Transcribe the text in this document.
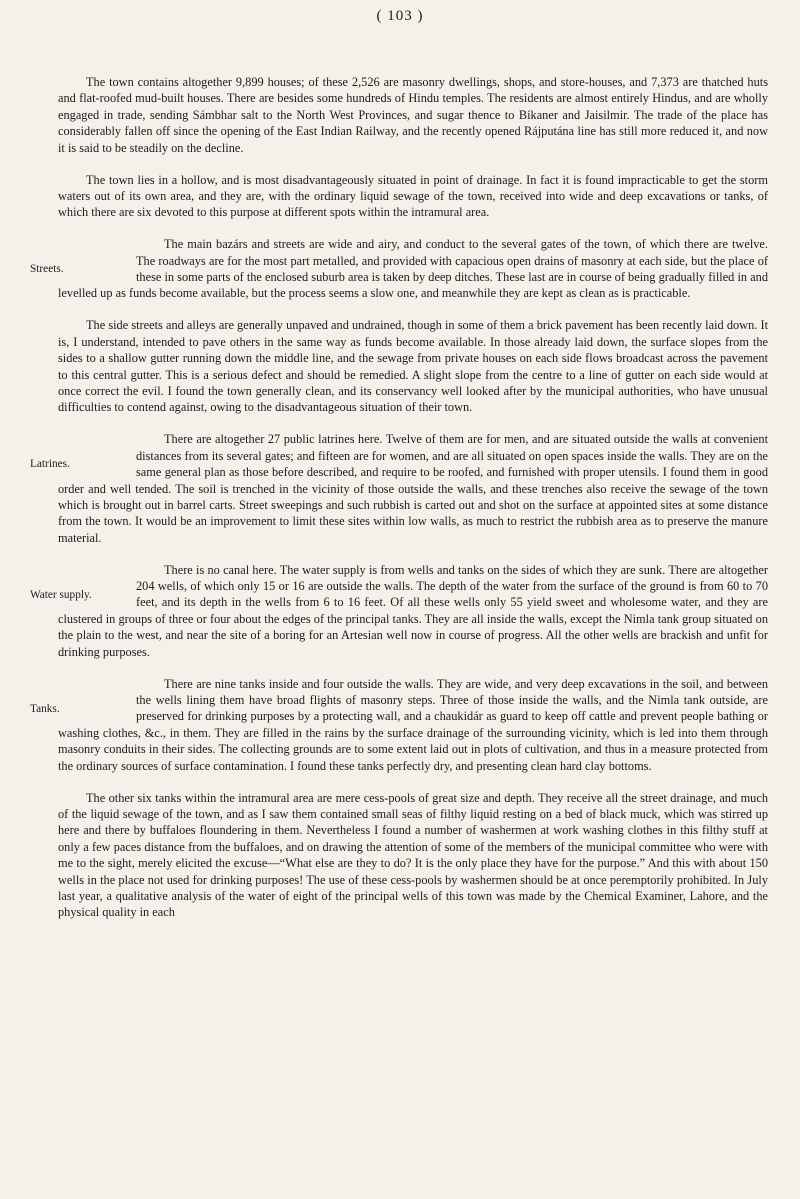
( 103 )

The town contains altogether 9,899 houses; of these 2,526 are masonry dwellings, shops, and store-houses, and 7,373 are thatched huts and flat-roofed mud-built houses. There are besides some hundreds of Hindu temples. The residents are almost entirely Hindus, and are wholly engaged in trade, sending Sámbhar salt to the North West Provinces, and sugar thence to Bíkaner and Jaisilmir. The trade of the place has considerably fallen off since the opening of the East Indian Railway, and the recently opened Rájputána line has still more reduced it, and now it is said to be steadily on the decline.

The town lies in a hollow, and is most disadvantageously situated in point of drainage. In fact it is found impracticable to get the storm waters out of its own area, and they are, with the ordinary liquid sewage of the town, received into wide and deep excavations or tanks, of which there are six devoted to this purpose at different spots within the intramural area.

Streets.
The main bazárs and streets are wide and airy, and conduct to the several gates of the town, of which there are twelve. The roadways are for the most part metalled, and provided with capacious open drains of masonry at each side, but the place of these in some parts of the enclosed suburb area is taken by deep ditches. These last are in course of being gradually filled in and levelled up as funds become available, but the process seems a slow one, and meanwhile they are kept as clean as is practicable.

The side streets and alleys are generally unpaved and undrained, though in some of them a brick pavement has been recently laid down. It is, I understand, intended to pave others in the same way as funds become available. In those already laid down, the surface slopes from the sides to a shallow gutter running down the middle line, and the sewage from private houses on each side flows broadcast across the pavement to this central gutter. This is a serious defect and should be remedied. A slight slope from the centre to a line of gutter on each side would at once correct the evil. I found the town generally clean, and its conservancy well looked after by the municipal authorities, who have unusual difficulties to contend against, owing to the disadvantageous situation of their town.

Latrines.
There are altogether 27 public latrines here. Twelve of them are for men, and are situated outside the walls at convenient distances from its several gates; and fifteen are for women, and are all situated on open spaces inside the walls. They are on the same general plan as those before described, and require to be roofed, and furnished with proper utensils. I found them in good order and well tended. The soil is trenched in the vicinity of those outside the walls, and these trenches also receive the sewage of the town which is brought out in barrel carts. Street sweepings and such rubbish is carted out and shot on the surface at appointed sites at some distance from the town. It would be an improvement to limit these sites within low walls, as much to restrict the rubbish area as to preserve the manure material.

Water supply.
There is no canal here. The water supply is from wells and tanks on the sides of which they are sunk. There are altogether 204 wells, of which only 15 or 16 are outside the walls. The depth of the water from the surface of the ground is from 60 to 70 feet, and its depth in the wells from 6 to 16 feet. Of all these wells only 55 yield sweet and wholesome water, and they are clustered in groups of three or four about the edges of the principal tanks. They are all inside the walls, except the Nimla tank group situated on the plain to the west, and near the site of a boring for an Artesian well now in course of progress. All the other wells are brackish and unfit for drinking purposes.

Tanks.
There are nine tanks inside and four outside the walls. They are wide, and very deep excavations in the soil, and between the wells lining them have broad flights of masonry steps. Three of those inside the walls, and the Nimla tank outside, are preserved for drinking purposes by a protecting wall, and a chaukidár as guard to keep off cattle and prevent people bathing or washing clothes, &c., in them. They are filled in the rains by the surface drainage of the surrounding vicinity, which is led into them through masonry conduits in their sides. The collecting grounds are to some extent laid out in plots of cultivation, and thus in a measure protected from the ordinary sources of surface contamination. I found these tanks perfectly dry, and presenting clean hard clay bottoms.

The other six tanks within the intramural area are mere cess-pools of great size and depth. They receive all the street drainage, and much of the liquid sewage of the town, and as I saw them contained small seas of filthy liquid resting on a bed of black muck, which was stirred up here and there by buffaloes floundering in them. Nevertheless I found a number of washermen at work washing clothes in this filthy stuff at only a few paces distance from the buffaloes, and on drawing the attention of some of the members of the municipal committee who were with me to the sight, merely elicited the excuse—“What else are they to do? It is the only place they have for the purpose.” And this with about 150 wells in the place not used for drinking purposes! The use of these cess-pools by washermen should be at once peremptorily prohibited. In July last year, a qualitative analysis of the water of eight of the principal wells of this town was made by the Chemical Examiner, Lahore, and the physical quality in each
